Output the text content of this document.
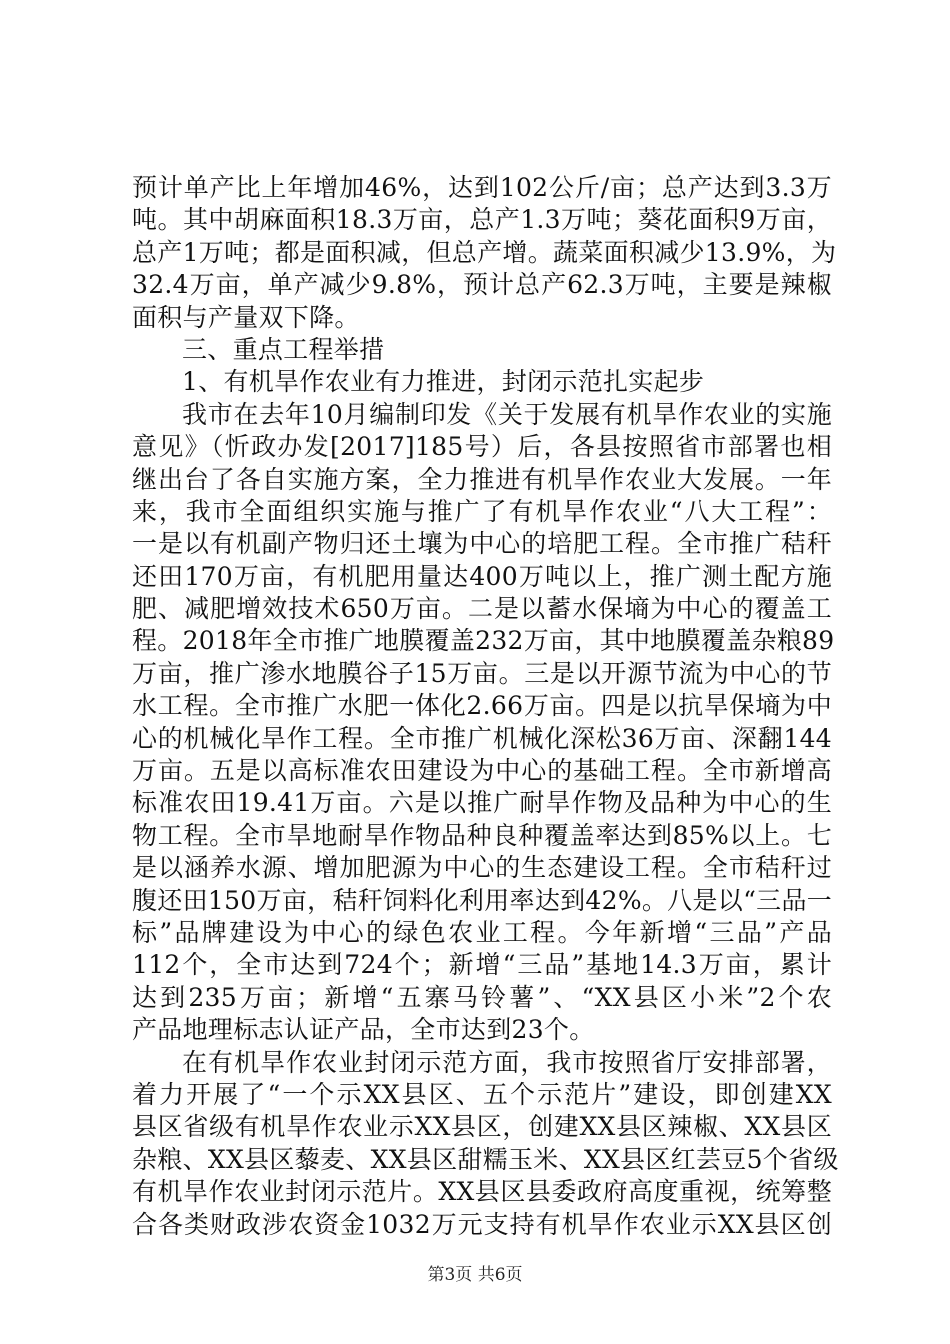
预计单产比上年增加46%，达到102公斤/亩；总产达到3.3万
吨。其中胡麻面积18.3万亩，总产1.3万吨；葵花面积9万亩，
总产1万吨；都是面积减，但总产增。蔬菜面积减少13.9%，为
32.4万亩，单产减少9.8%，预计总产62.3万吨，主要是辣椒
面积与产量双下降。
三、重点工程举措
1、有机旱作农业有力推进，封闭示范扎实起步
我市在去年10月编制印发《关于发展有机旱作农业的实施
意见》（忻政办发[2017]185号）后，各县按照省市部署也相
继出台了各自实施方案，全力推进有机旱作农业大发展。一年
来，我市全面组织实施与推广了有机旱作农业“八大工程”：
一是以有机副产物归还土壤为中心的培肥工程。全市推广秸秆
还田170万亩，有机肥用量达400万吨以上，推广测土配方施
肥、减肥增效技术650万亩。二是以蓄水保墒为中心的覆盖工
程。2018年全市推广地膜覆盖232万亩，其中地膜覆盖杂粮89
万亩，推广渗水地膜谷子15万亩。三是以开源节流为中心的节
水工程。全市推广水肥一体化2.66万亩。四是以抗旱保墒为中
心的机械化旱作工程。全市推广机械化深松36万亩、深翻144
万亩。五是以高标准农田建设为中心的基础工程。全市新增高
标准农田19.41万亩。六是以推广耐旱作物及品种为中心的生
物工程。全市旱地耐旱作物品种良种覆盖率达到85%以上。七
是以涵养水源、增加肥源为中心的生态建设工程。全市秸秆过
腹还田150万亩，秸秆饲料化利用率达到42%。八是以“三品一
标”品牌建设为中心的绿色农业工程。今年新增“三品”产品
112个，全市达到724个；新增“三品”基地14.3万亩，累计
达到235万亩；新增“五寨马铃薯”、“XX县区小米”2个农
产品地理标志认证产品，全市达到23个。
在有机旱作农业封闭示范方面，我市按照省厅安排部署，
着力开展了“一个示XX县区、五个示范片”建设，即创建XX
县区省级有机旱作农业示XX县区，创建XX县区辣椒、XX县区
杂粮、XX县区藜麦、XX县区甜糯玉米、XX县区红芸豆5个省级
有机旱作农业封闭示范片。XX县区县委政府高度重视，统筹整
合各类财政涉农资金1032万元支持有机旱作农业示XX县区创
第3页 共6页
